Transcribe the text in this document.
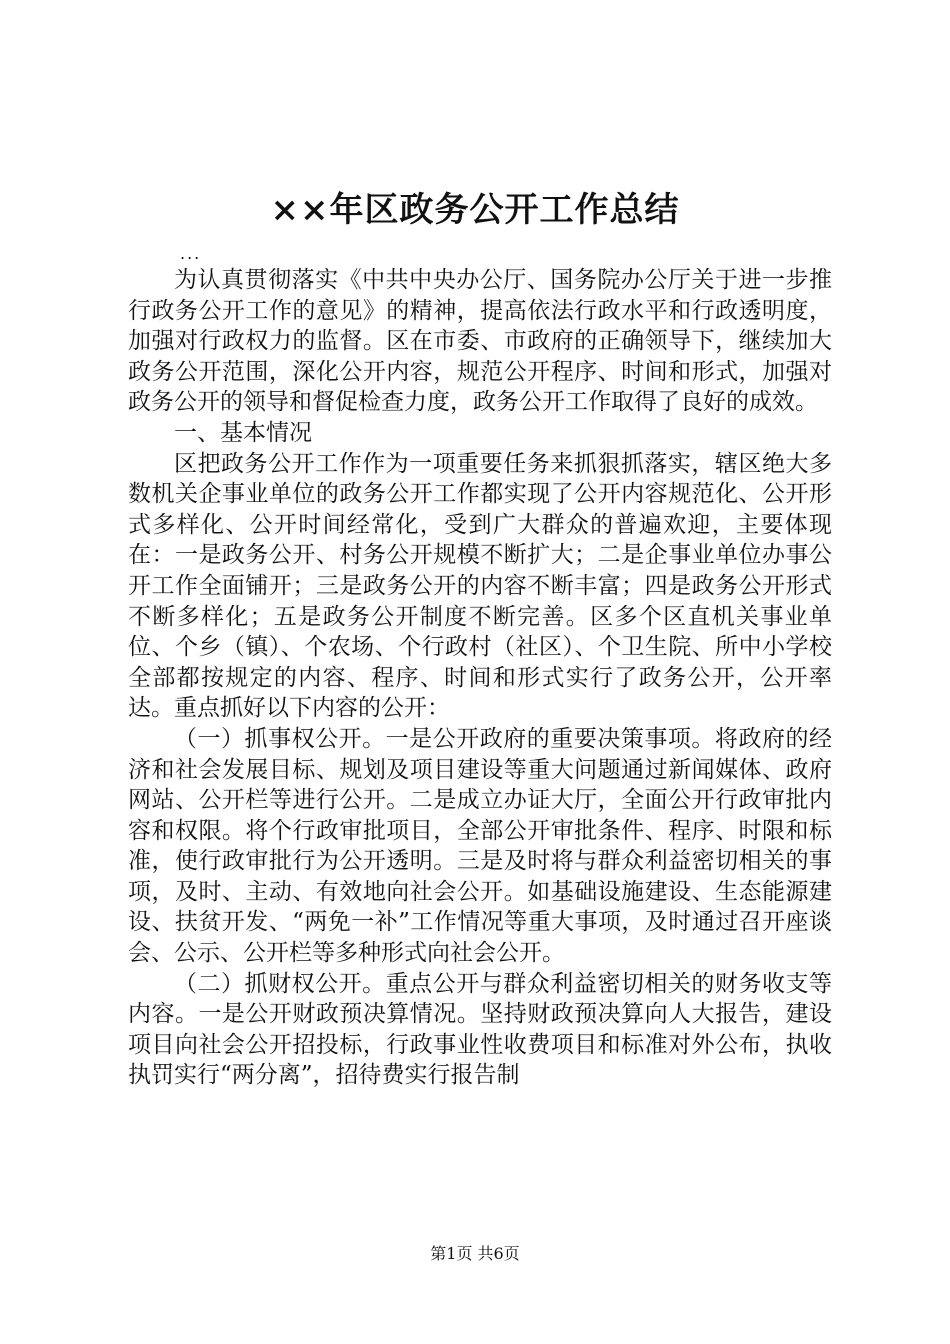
××年区政务公开工作总结
...

为认真贯彻落实《中共中央办公厅、国务院办公厅关于进一步推行政务公开工作的意见》的精神，提高依法行政水平和行政透明度，加强对行政权力的监督。区在市委、市政府的正确领导下，继续加大政务公开范围，深化公开内容，规范公开程序、时间和形式，加强对政务公开的领导和督促检查力度，政务公开工作取得了良好的成效。

一、基本情况

区把政务公开工作作为一项重要任务来抓狠抓落实，辖区绝大多数机关企事业单位的政务公开工作都实现了公开内容规范化、公开形式多样化、公开时间经常化，受到广大群众的普遍欢迎，主要体现在：一是政务公开、村务公开规模不断扩大；二是企事业单位办事公开工作全面铺开；三是政务公开的内容不断丰富；四是政务公开形式不断多样化；五是政务公开制度不断完善。区多个区直机关事业单位、个乡（镇）、个农场、个行政村（社区）、个卫生院、所中小学校全部都按规定的内容、程序、时间和形式实行了政务公开，公开率达。重点抓好以下内容的公开：

（一）抓事权公开。一是公开政府的重要决策事项。将政府的经济和社会发展目标、规划及项目建设等重大问题通过新闻媒体、政府网站、公开栏等进行公开。二是成立办证大厅，全面公开行政审批内容和权限。将个行政审批项目，全部公开审批条件、程序、时限和标准，使行政审批行为公开透明。三是及时将与群众利益密切相关的事项，及时、主动、有效地向社会公开。如基础设施建设、生态能源建设、扶贫开发、“两免一补”工作情况等重大事项，及时通过召开座谈会、公示、公开栏等多种形式向社会公开。

（二）抓财权公开。重点公开与群众利益密切相关的财务收支等内容。一是公开财政预决算情况。坚持财政预决算向人大报告，建设项目向社会公开招投标，行政事业性收费项目和标准对外公布，执收执罚实行“两分离”，招待费实行报告制

第1页 共6页
